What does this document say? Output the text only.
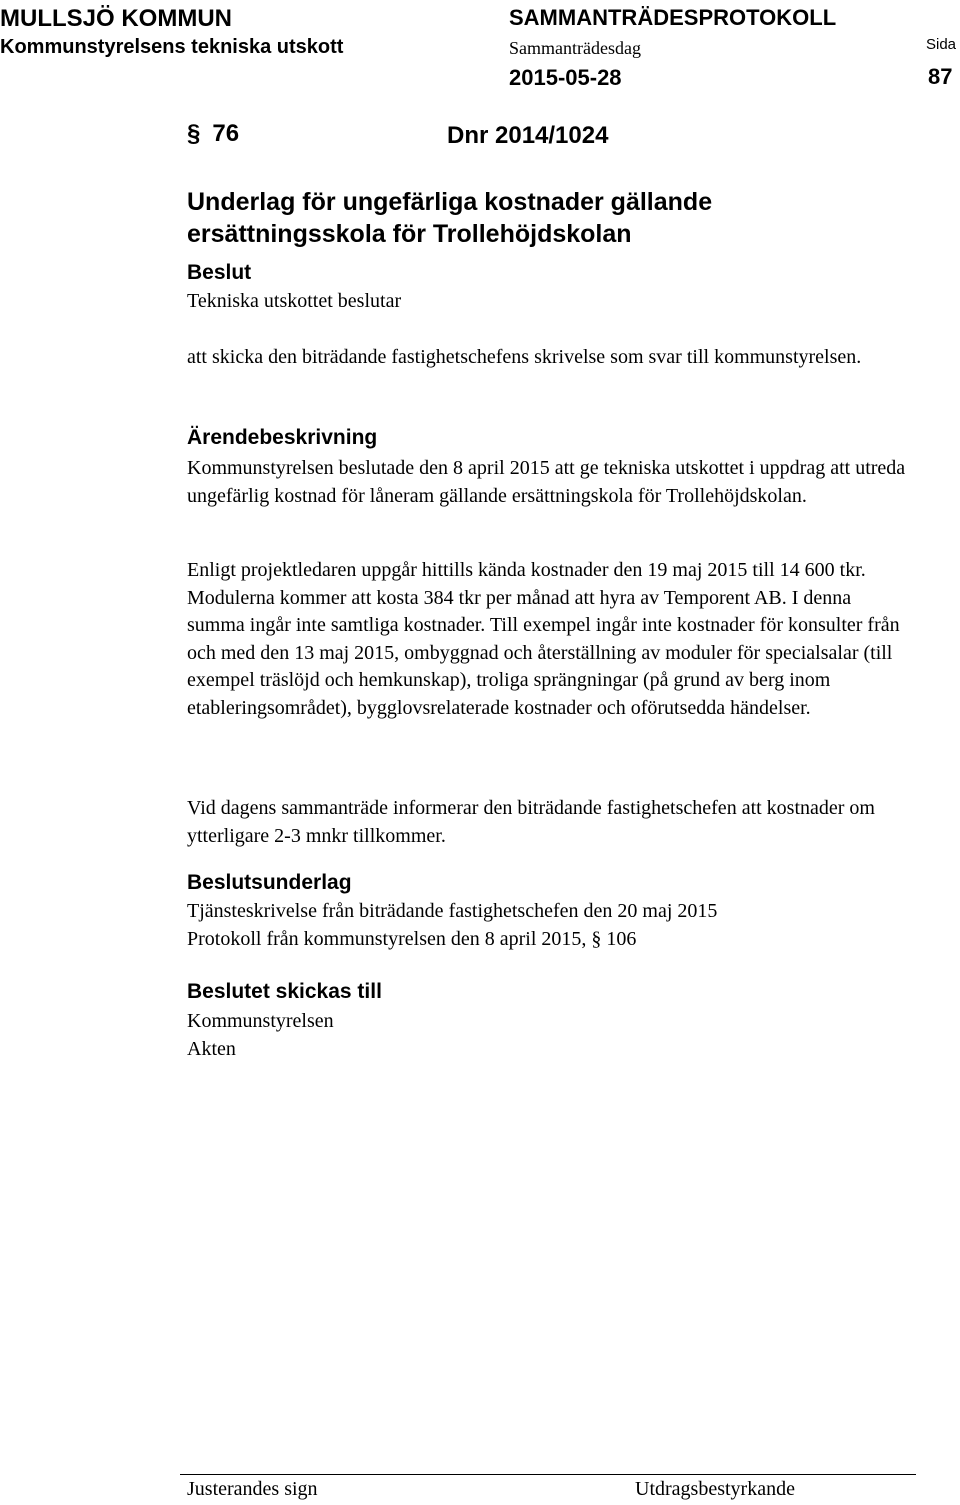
MULLSJÖ KOMMUN
Kommunstyrelsens tekniska utskott
SAMMANTRÄDESPROTOKOLL
Sammanträdesdag
2015-05-28
Sida
87
§ 76	Dnr 2014/1024
Underlag för ungefärliga kostnader gällande ersättningsskola för Trollehöjdskolan
Beslut
Tekniska utskottet beslutar
att skicka den biträdande fastighetschefens skrivelse som svar till kommunstyrelsen.
Ärendebeskrivning
Kommunstyrelsen beslutade den 8 april 2015 att ge tekniska utskottet i uppdrag att utreda ungefärlig kostnad för låneram gällande ersättningskola för Trollehöjdskolan.
Enligt projektledaren uppgår hittills kända kostnader den 19 maj 2015 till 14 600 tkr. Modulerna kommer att kosta 384 tkr per månad att hyra av Temporent AB. I denna summa ingår inte samtliga kostnader. Till exempel ingår inte kostnader för konsulter från och med den 13 maj 2015, ombyggnad och återställning av moduler för specialsalar (till exempel träslöjd och hemkunskap), troliga sprängningar (på grund av berg inom etableringsområdet), bygglovsrelaterade kostnader och oförutsedda händelser.
Vid dagens sammanträde informerar den biträdande fastighetschefen att kostnader om ytterligare 2-3 mnkr tillkommer.
Beslutsunderlag

Tjänsteskrivelse från biträdande fastighetschefen den 20 maj 2015

Protokoll från kommunstyrelsen den 8 april 2015, § 106

Beslutet skickas till

Kommunstyrelsen

Akten

Justerandes sign	Utdragsbestyrkande
